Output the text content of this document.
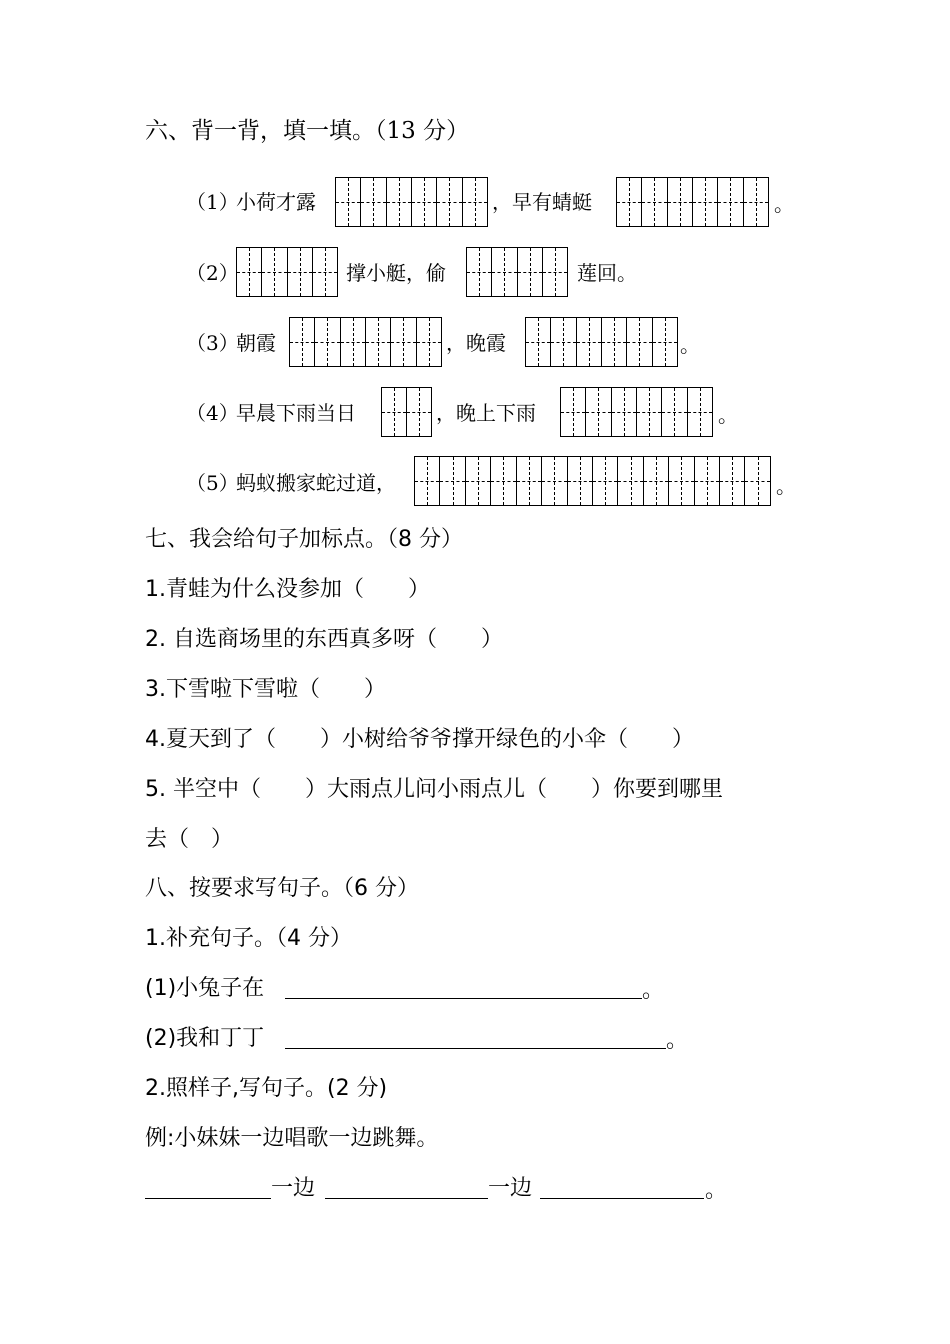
六、背一背，填一填。（13 分）
（1）
小荷才露	，早有蜻蜓	。
（2）	撑小艇，偷	莲回。
（3）
朝霞	，晚霞	。
（4）
早晨下雨当日	，晚上下雨	。
（5）
蚂蚁搬家蛇过道，	。
七、我会给句子加标点。（8 分）
1.青蛙为什么没参加（　　）
2. 自选商场里的东西真多呀（　　）
3.下雪啦下雪啦（　　）
4.夏天到了（　　）小树给爷爷撑开绿色的小伞（　　）
5. 半空中（　　）大雨点儿问小雨点儿（　　）你要到哪里
去（　）
八、按要求写句子。（6 分）
1.补充句子。（4 分）
(1)小兔子在	。
(2)我和丁丁	。
2.照样子,写句子。(2 分)
例:小妹妹一边唱歌一边跳舞。
一边	一边	。
